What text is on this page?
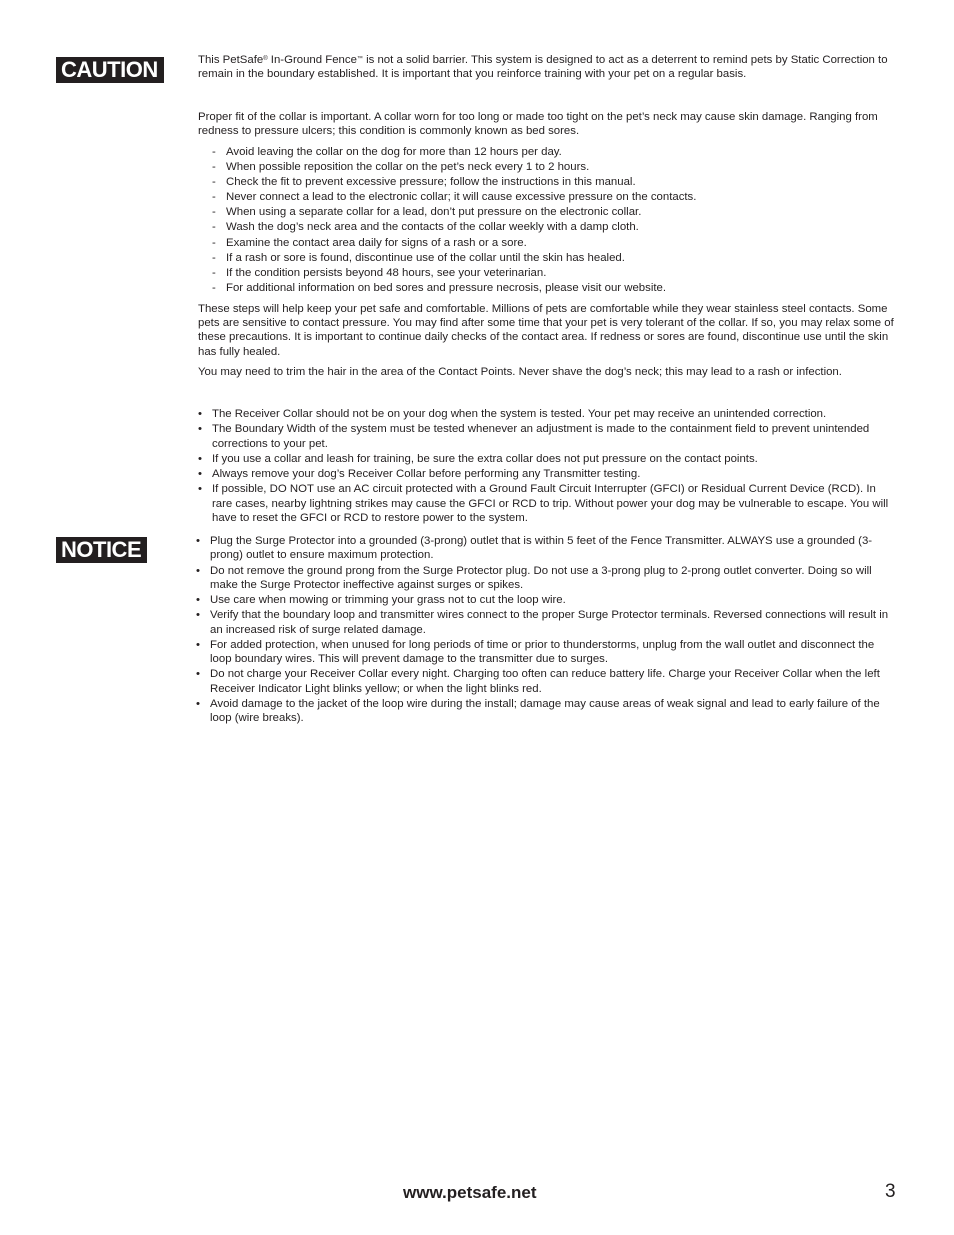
CAUTION	This PetSafe® In-Ground Fence™ is not a solid barrier. This system is designed to act as a deterrent to remind pets by Static Correction to remain in the boundary established. It is important that you reinforce training with your pet on a regular basis.

Proper fit of the collar is important. A collar worn for too long or made too tight on the pet’s neck may cause skin damage. Ranging from redness to pressure ulcers; this condition is commonly known as bed sores.

- Avoid leaving the collar on the dog for more than 12 hours per day.
- When possible reposition the collar on the pet’s neck every 1 to 2 hours.
- Check the fit to prevent excessive pressure; follow the instructions in this manual.
- Never connect a lead to the electronic collar; it will cause excessive pressure on the contacts.
- When using a separate collar for a lead, don’t put pressure on the electronic collar.
- Wash the dog’s neck area and the contacts of the collar weekly with a damp cloth.
- Examine the contact area daily for signs of a rash or a sore.
- If a rash or sore is found, discontinue use of the collar until the skin has healed.
- If the condition persists beyond 48 hours, see your veterinarian.
- For additional information on bed sores and pressure necrosis, please visit our website.

These steps will help keep your pet safe and comfortable. Millions of pets are comfortable while they wear stainless steel contacts. Some pets are sensitive to contact pressure. You may find after some time that your pet is very tolerant of the collar. If so, you may relax some of these precautions. It is important to continue daily checks of the contact area. If redness or sores are found, discontinue use until the skin has fully healed.

You may need to trim the hair in the area of the Contact Points. Never shave the dog’s neck; this may lead to a rash or infection.

• The Receiver Collar should not be on your dog when the system is tested. Your pet may receive an unintended correction.
• The Boundary Width of the system must be tested whenever an adjustment is made to the containment field to prevent unintended corrections to your pet.
• If you use a collar and leash for training, be sure the extra collar does not put pressure on the contact points.
• Always remove your dog’s Receiver Collar before performing any Transmitter testing.
• If possible, DO NOT use an AC circuit protected with a Ground Fault Circuit Interrupter (GFCI) or Residual Current Device (RCD). In rare cases, nearby lightning strikes may cause the GFCI or RCD to trip. Without power your dog may be vulnerable to escape. You will have to reset the GFCI or RCD to restore power to the system.
NOTICE
•	Plug the Surge Protector into a grounded (3-prong) outlet that is within 5 feet of the Fence Transmitter. ALWAYS use a grounded (3-prong) outlet to ensure maximum protection.
• Do not remove the ground prong from the Surge Protector plug. Do not use a 3-prong plug to 2-prong outlet converter. Doing so will make the Surge Protector ineffective against surges or spikes.
• Use care when mowing or trimming your grass not to cut the loop wire.
• Verify that the boundary loop and transmitter wires connect to the proper Surge Protector terminals. Reversed connections will result in an increased risk of surge related damage.
• For added protection, when unused for long periods of time or prior to thunderstorms, unplug from the wall outlet and disconnect the loop boundary wires. This will prevent damage to the transmitter due to surges.
• Do not charge your Receiver Collar every night. Charging too often can reduce battery life. Charge your Receiver Collar when the left Receiver Indicator Light blinks yellow; or when the light blinks red.
• Avoid damage to the jacket of the loop wire during the install; damage may cause areas of weak signal and lead to early failure of the loop (wire breaks).
www.petsafe.net	3
